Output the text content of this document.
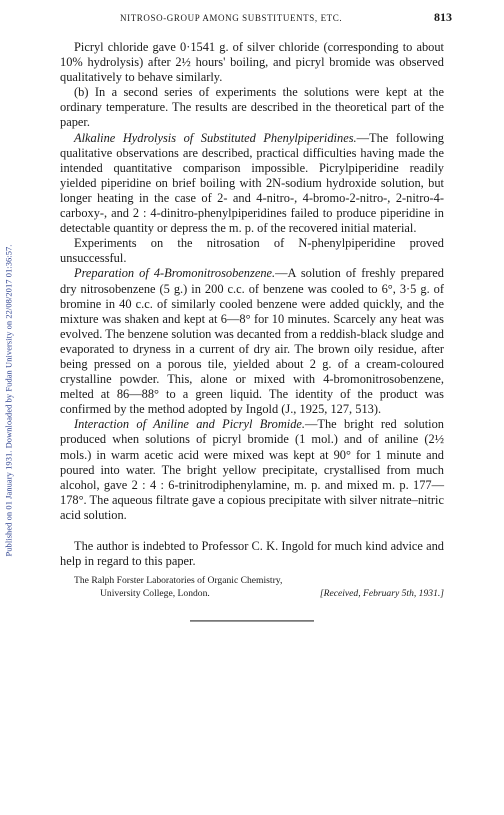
Published on 01 January 1931. Downloaded by Fudan University on 22/08/2017 01:36:57.
NITROSO-GROUP AMONG SUBSTITUENTS, ETC.	813

Picryl chloride gave 0·1541 g. of silver chloride (corresponding to about 10% hydrolysis) after 2½ hours' boiling, and picryl bromide was observed qualitatively to behave similarly.

(b) In a second series of experiments the solutions were kept at the ordinary temperature. The results are described in the theoretical part of the paper.

Alkaline Hydrolysis of Substituted Phenylpiperidines.—The following qualitative observations are described, practical difficulties having made the intended quantitative comparison impossible. Picrylpiperidine readily yielded piperidine on brief boiling with 2N-sodium hydroxide solution, but longer heating in the case of 2- and 4-nitro-, 4-bromo-2-nitro-, 2-nitro-4-carboxy-, and 2 : 4-dinitro-phenylpiperidines failed to produce piperidine in detectable quantity or depress the m. p. of the recovered initial material.

Experiments on the nitrosation of N-phenylpiperidine proved unsuccessful.

Preparation of 4-Bromonitrosobenzene.—A solution of freshly prepared dry nitrosobenzene (5 g.) in 200 c.c. of benzene was cooled to 6°, 3·5 g. of bromine in 40 c.c. of similarly cooled benzene were added quickly, and the mixture was shaken and kept at 6—8° for 10 minutes. Scarcely any heat was evolved. The benzene solution was decanted from a reddish-black sludge and evaporated to dryness in a current of dry air. The brown oily residue, after being pressed on a porous tile, yielded about 2 g. of a cream-coloured crystalline powder. This, alone or mixed with 4-bromonitrosobenzene, melted at 86—88° to a green liquid. The identity of the product was confirmed by the method adopted by Ingold (J., 1925, 127, 513).

Interaction of Aniline and Picryl Bromide.—The bright red solution produced when solutions of picryl bromide (1 mol.) and of aniline (2½ mols.) in warm acetic acid were mixed was kept at 90° for 1 minute and poured into water. The bright yellow precipitate, crystallised from much alcohol, gave 2 : 4 : 6-trinitrodiphenylamine, m. p. and mixed m. p. 177—178°. The aqueous filtrate gave a copious precipitate with silver nitrate–nitric acid solution.

The author is indebted to Professor C. K. Ingold for much kind advice and help in regard to this paper.

The Ralph Forster Laboratories of Organic Chemistry,
University College, London.	[Received, February 5th, 1931.]
